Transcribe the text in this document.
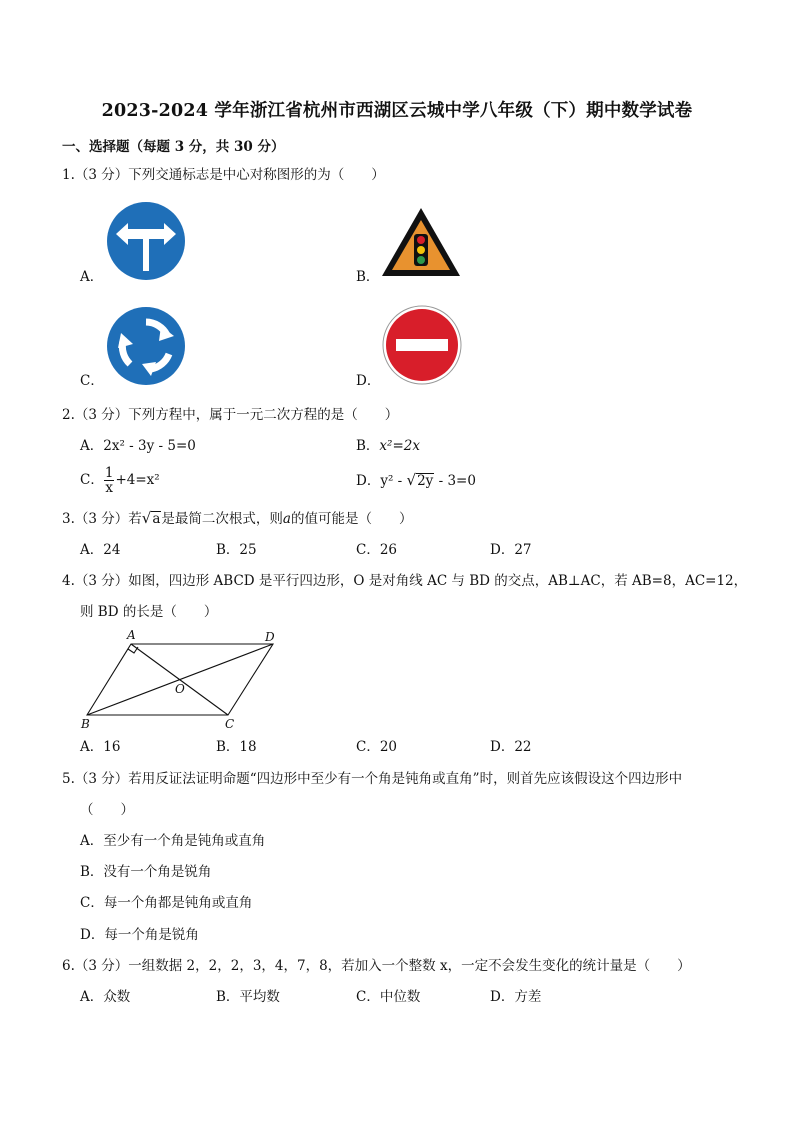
2023-2024 学年浙江省杭州市西湖区云城中学八年级（下）期中数学试卷
一、选择题（每题 3 分，共 30 分）
1.（3 分）下列交通标志是中心对称图形的为（　　）
A．	B．
C．	D．
2.（3 分）下列方程中，属于一元二次方程的是（　　）
A．2x² - 3y - 5=0	B．x²=2x
C． $\frac{1}{x} +4=x^2$	D．y² - √2y - 3=0
3.（3 分）若√a是最简二次根式，则a的值可能是（　　）
A．24	B．25	C．26	D．27
4.（3 分）如图，四边形 ABCD 是平行四边形，O 是对角线 AC 与 BD 的交点，AB⊥AC，若 AB=8，AC=12，
则 BD 的长是（　　）
A	D
B	C
O
A．16	B．18	C．20	D．22
5.（3 分）若用反证法证明命题“四边形中至少有一个角是钝角或直角”时，则首先应该假设这个四边形中
（　　）
A．至少有一个角是钝角或直角
B．没有一个角是锐角
C．每一个角都是钝角或直角
D．每一个角是锐角
6.（3 分）一组数据 2，2，2，3，4，7，8，若加入一个整数 x，一定不会发生变化的统计量是（　　）
A．众数	B．平均数	C．中位数	D．方差
